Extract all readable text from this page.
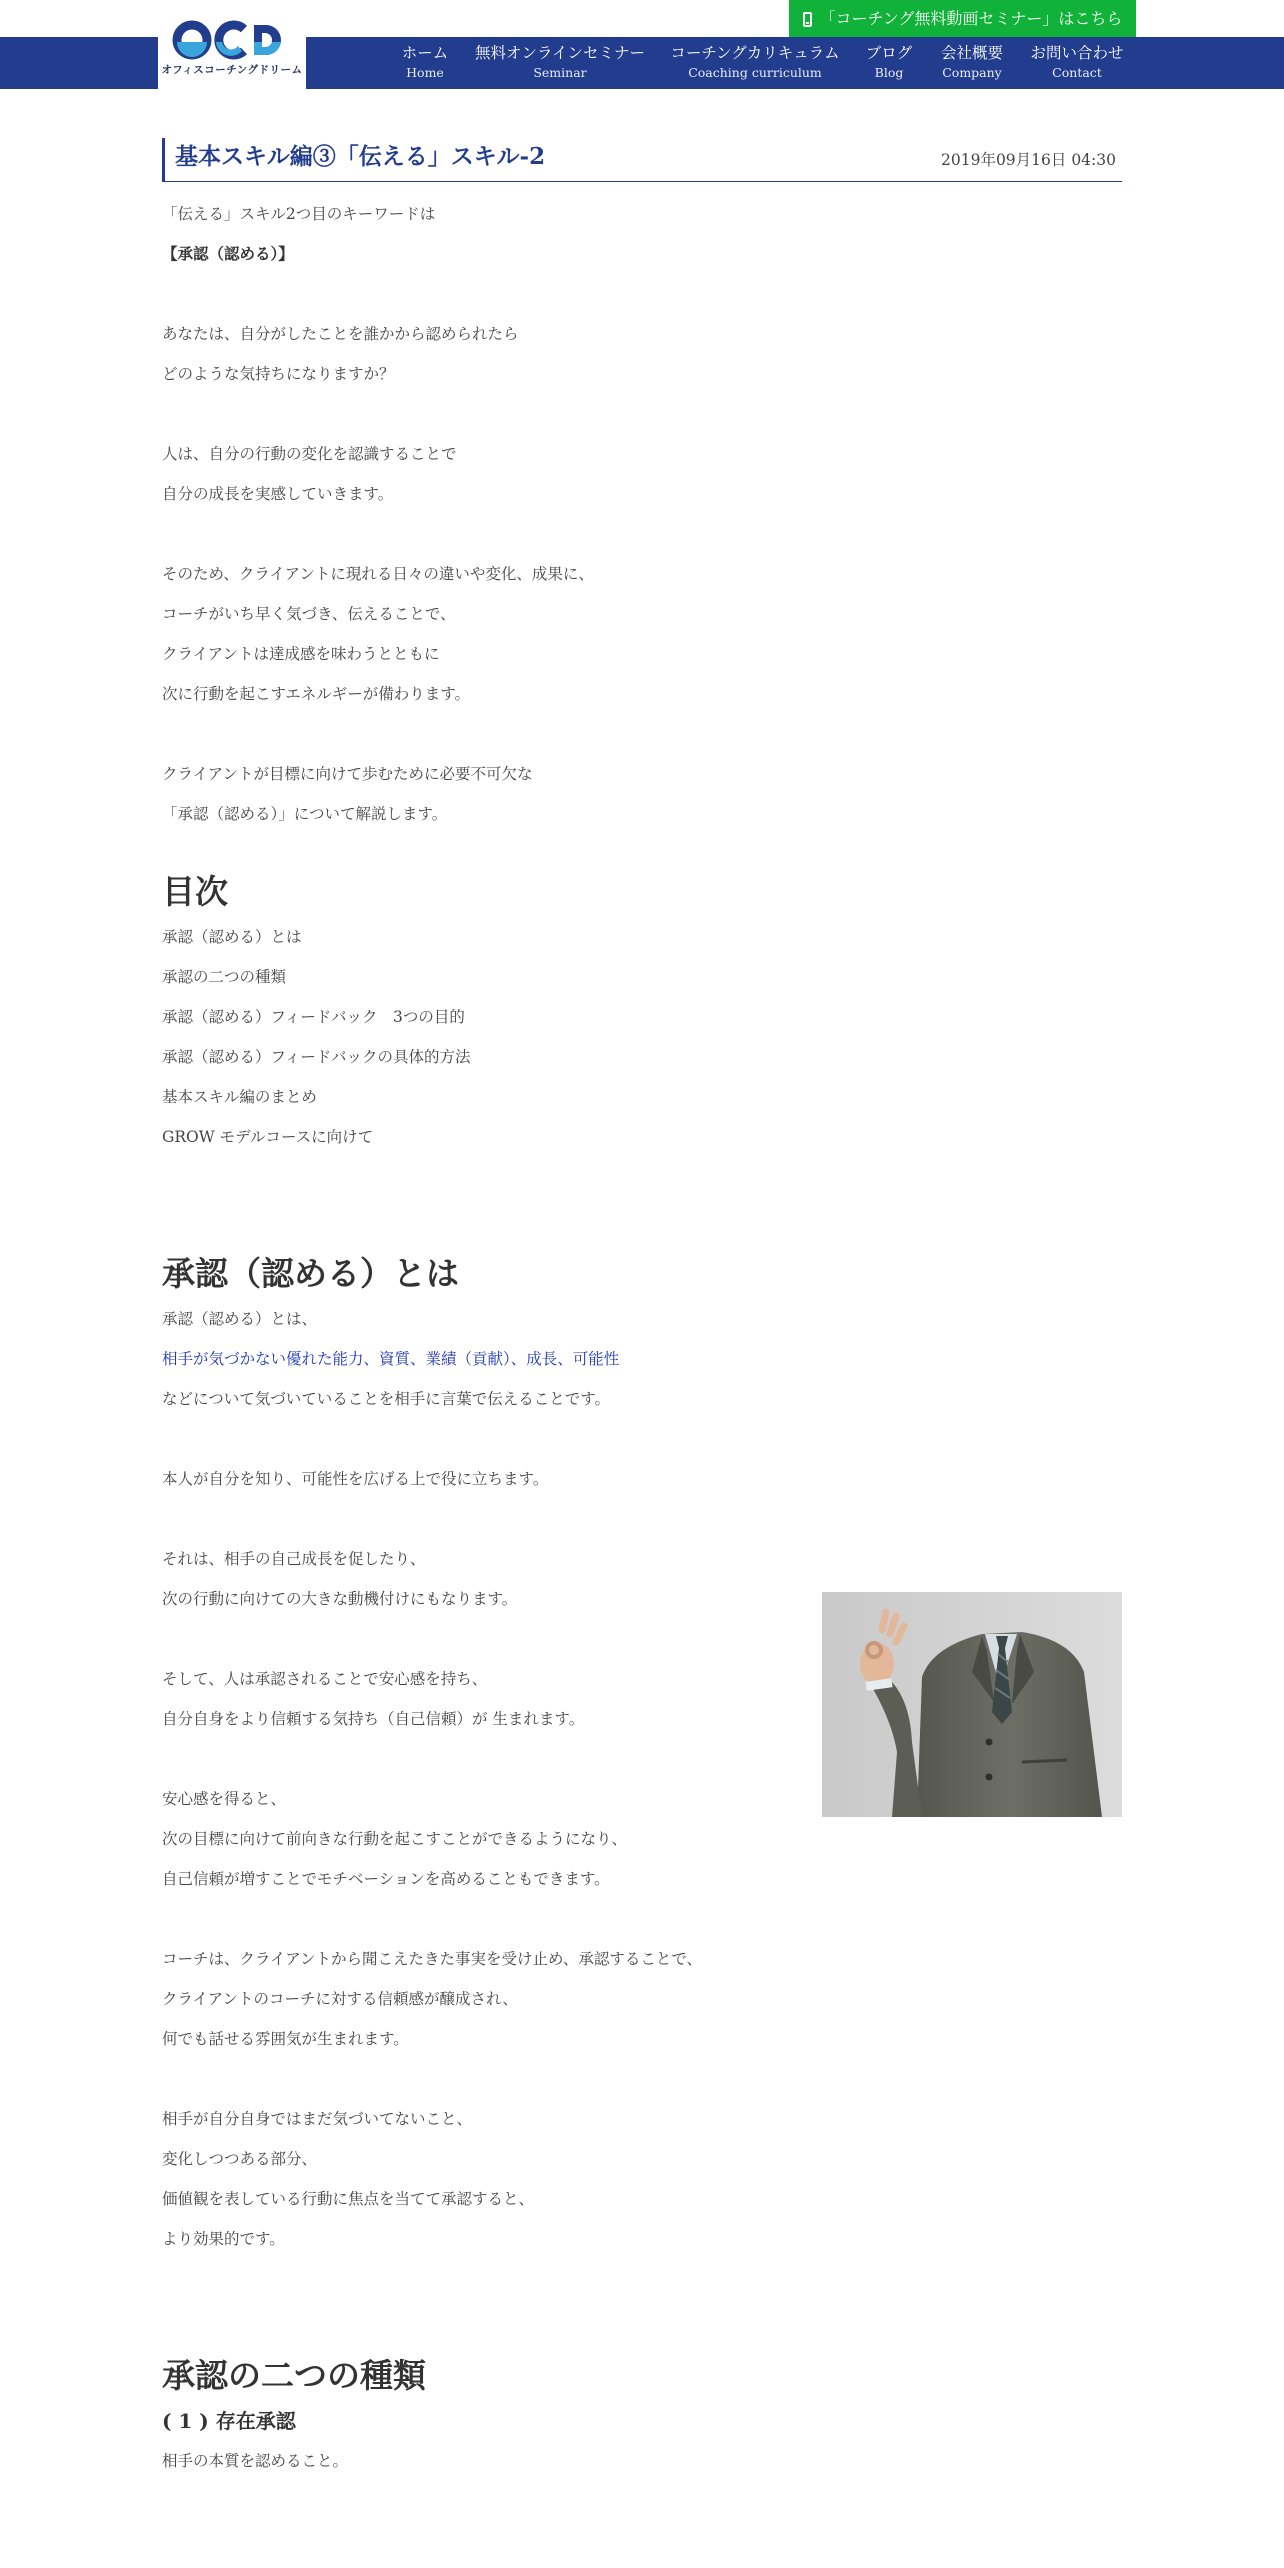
「コーチング無料動画セミナー」はこちら
オフィスコーチングドリーム
ホーム
Home
無料オンラインセミナー
Seminar
コーチングカリキュラム
Coaching curriculum
ブログ
Blog
会社概要
Company
お問い合わせ
Contact
基本スキル編③「伝える」スキル-2	2019年09月16日 04:30

「伝える」スキル2つ目のキーワードは

【承認（認める）】

あなたは、自分がしたことを誰かから認められたら

どのような気持ちになりますか？

人は、自分の行動の変化を認識することで

自分の成長を実感していきます。

そのため、クライアントに現れる日々の違いや変化、成果に、

コーチがいち早く気づき、伝えることで、

クライアントは達成感を味わうとともに

次に行動を起こすエネルギーが備わります。

クライアントが目標に向けて歩むために必要不可欠な

「承認（認める）」について解説します。

目次
承認（認める）とは
承認の二つの種類
承認（認める）フィードバック　3つの目的
承認（認める）フィードバックの具体的方法
基本スキル編のまとめ
GROW モデルコースに向けて
承認（認める）とは

承認（認める）とは、

相手が気づかない優れた能力、資質、業績（貢献）、成長、可能性

などについて気づいていることを相手に言葉で伝えることです。

本人が自分を知り、可能性を広げる上で役に立ちます。

それは、相手の自己成長を促したり、

次の行動に向けての大きな動機付けにもなります。

そして、人は承認されることで安心感を持ち、

自分自身をより信頼する気持ち（自己信頼）が 生まれます。

安心感を得ると、

次の目標に向けて前向きな行動を起こすことができるようになり、

自己信頼が増すことでモチベーションを高めることもできます。

コーチは、クライアントから聞こえたきた事実を受け止め、承認することで、

クライアントのコーチに対する信頼感が醸成され、

何でも話せる雰囲気が生まれます。

相手が自分自身ではまだ気づいてないこと、

変化しつつある部分、

価値観を表している行動に焦点を当てて承認すると、

より効果的です。

承認の二つの種類
( 1 ) 存在承認

相手の本質を認めること。
